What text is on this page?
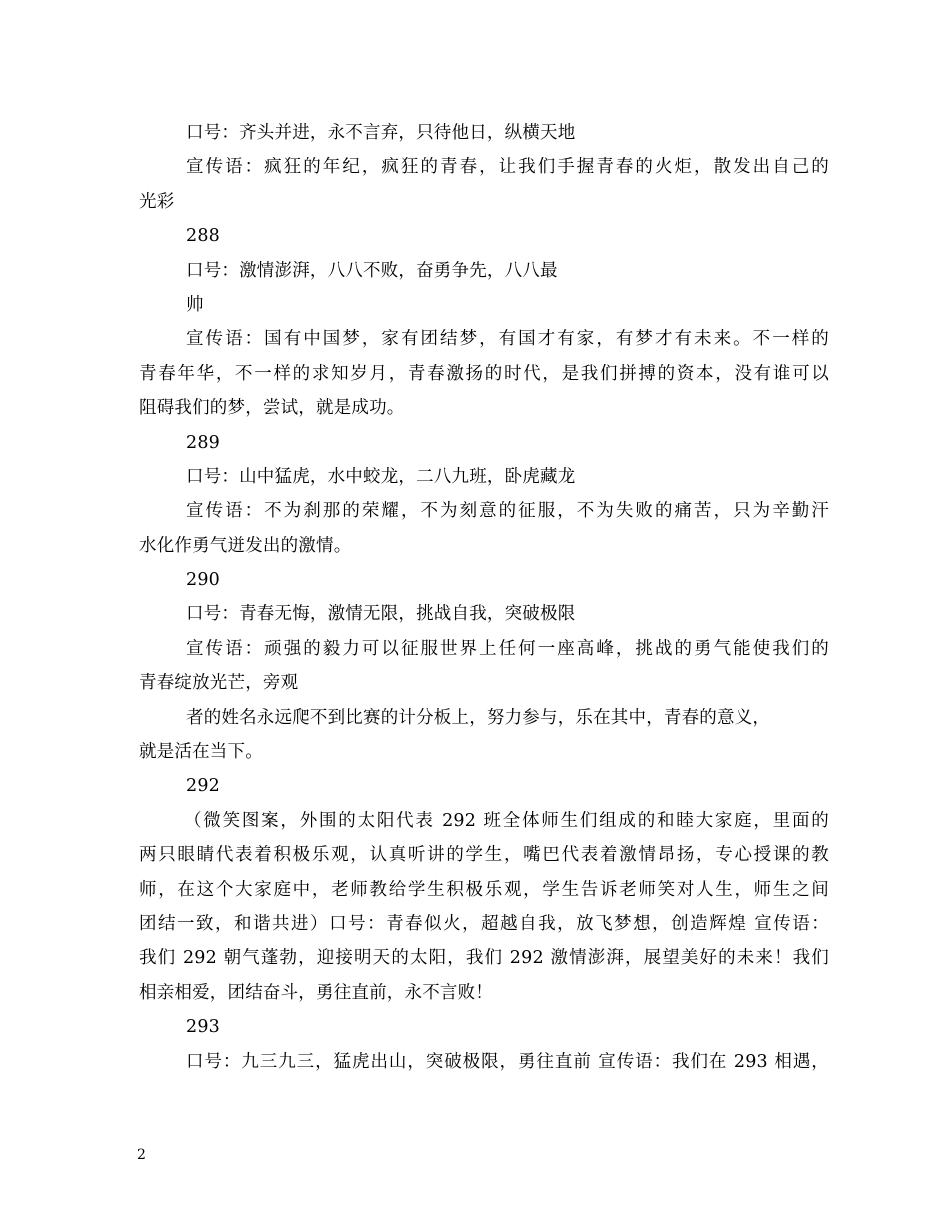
口号：齐头并进，永不言弃，只待他日，纵横天地
宣传语：疯狂的年纪，疯狂的青春，让我们手握青春的火炬，散发出自己的
光彩
288
口号：激情澎湃，八八不败，奋勇争先，八八最
帅
宣传语：国有中国梦，家有团结梦，有国才有家，有梦才有未来。不一样的
青春年华，不一样的求知岁月，青春激扬的时代，是我们拼搏的资本，没有谁可以
阻碍我们的梦，尝试，就是成功。
289
口号：山中猛虎，水中蛟龙，二八九班，卧虎藏龙
宣传语：不为刹那的荣耀，不为刻意的征服，不为失败的痛苦，只为辛勤汗
水化作勇气迸发出的激情。
290
口号：青春无悔，激情无限，挑战自我，突破极限
宣传语：顽强的毅力可以征服世界上任何一座高峰，挑战的勇气能使我们的
青春绽放光芒，旁观
者的姓名永远爬不到比赛的计分板上，努力参与，乐在其中，青春的意义，
就是活在当下。
292
（微笑图案，外围的太阳代表 292 班全体师生们组成的和睦大家庭，里面的
两只眼睛代表着积极乐观，认真听讲的学生，嘴巴代表着激情昂扬，专心授课的教
师，在这个大家庭中，老师教给学生积极乐观，学生告诉老师笑对人生，师生之间
团结一致，和谐共进）口号：青春似火，超越自我，放飞梦想，创造辉煌 宣传语：
我们 292 朝气蓬勃，迎接明天的太阳，我们 292 激情澎湃，展望美好的未来！我们
相亲相爱，团结奋斗，勇往直前，永不言败！
293
口号：九三九三，猛虎出山，突破极限，勇往直前 宣传语：我们在 293 相遇，
2
